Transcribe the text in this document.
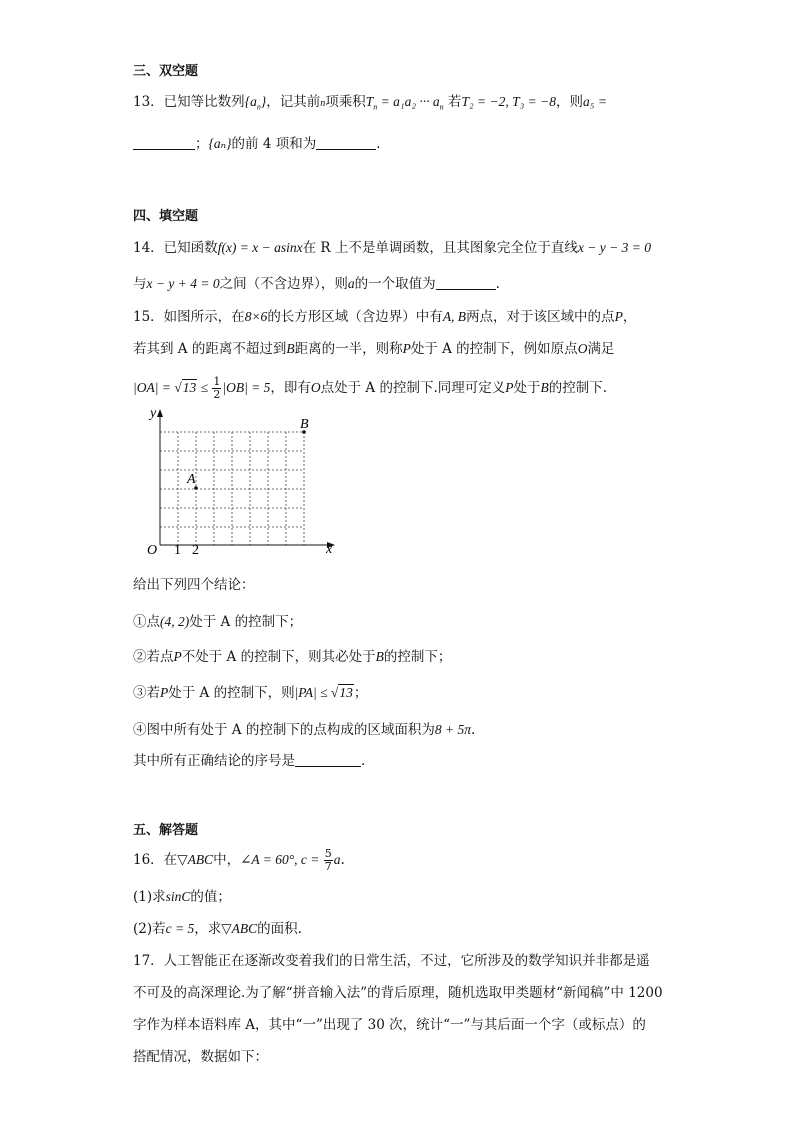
三、双空题
13．已知等比数列$\{a_n\}$，记其前n项乘积$T_n = a_1a_2$ ··· $a_n$ 若T₂ = −2, T₃ = −8，则a₅ =
；{aₙ}的前 4 项和为	.
四、填空题
14．已知函数f(x) = x − asinx在 R 上不是单调函数，且其图象完全位于直线x − y − 3 = 0
与x − y + 4 = 0之间（不含边界），则a的一个取值为	.
15．如图所示，在8×6的长方形区域（含边界）中有A, B两点，对于该区域中的点P，
若其到 A 的距离不超过到B距离的一半，则称P处于 A 的控制下，例如原点O满足
$|OA| = √13 \le \frac{1}{2} |OB| = 5$，即有O点处于 A 的控制下.同理可定义P处于B的控制下.
y
x
O 1 2
A
B
给出下列四个结论：
①点(4, 2)处于 A 的控制下；
②若点P不处于 A 的控制下，则其必处于B的控制下；
③若P处于 A 的控制下，则|PA| ≤ √13；
④图中所有处于 A 的控制下的点构成的区域面积为8 + 5π.
其中所有正确结论的序号是	.
五、解答题
16．在▽ABC中，∠A = 60°, $c = \frac{5}{7} a$.
(1)求sinC的值；
(2)若c = 5，求▽ABC的面积.
17．人工智能正在逐渐改变着我们的日常生活，不过，它所涉及的数学知识并非都是遥
不可及的高深理论.为了解“拼音输入法”的背后原理，随机选取甲类题材“新闻稿”中 1200
字作为样本语料库 A，其中“一”出现了 30 次，统计“一”与其后面一个字（或标点）的
搭配情况，数据如下：
